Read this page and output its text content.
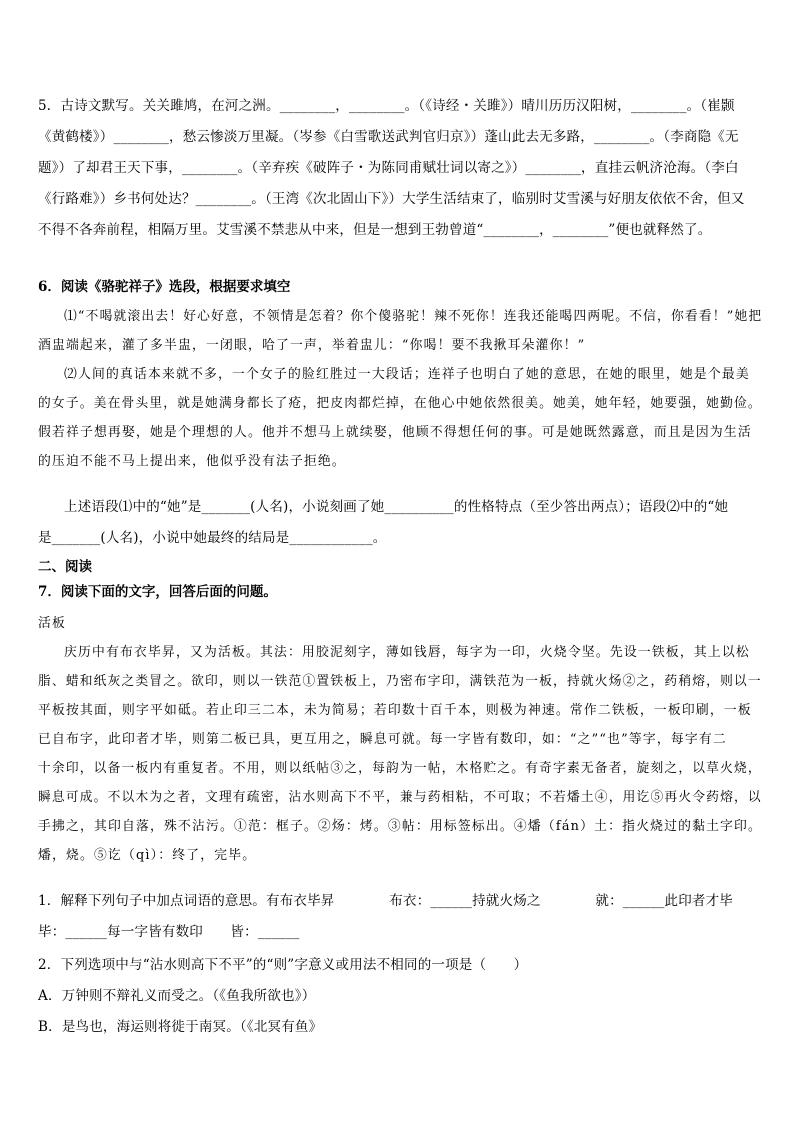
5．古诗文默写。关关雎鸠，在河之洲。________，________。（《诗经・关雎》）晴川历历汉阳树，________。（崔颢
《黄鹤楼》）________，愁云惨淡万里凝。（岑参《白雪歌送武判官归京》）蓬山此去无多路，________。（李商隐《无
题》）了却君王天下事，________。（辛弃疾《破阵子・为陈同甫赋壮词以寄之》）________，直挂云帆济沧海。（李白
《行路难》）乡书何处达？________。（王湾《次北固山下》）大学生活结束了，临别时艾雪溪与好朋友依依不舍，但又
不得不各奔前程，相隔万里。艾雪溪不禁悲从中来，但是一想到王勃曾道“________，________”便也就释然了。
6．阅读《骆驼祥子》选段，根据要求填空
⑴“不喝就滚出去！好心好意，不领情是怎着？你个傻骆驼！辣不死你！连我还能喝四两呢。不信，你看看！”她把
酒盅端起来，灌了多半盅，一闭眼，哈了一声，举着盅儿：“你喝！要不我揪耳朵灌你！”
⑵人间的真话本来就不多，一个女子的脸红胜过一大段话；连祥子也明白了她的意思，在她的眼里，她是个最美
的女子。美在骨头里，就是她满身都长了疮，把皮肉都烂掉，在他心中她依然很美。她美，她年轻，她要强，她勤俭。
假若祥子想再娶，她是个理想的人。他并不想马上就续娶，他顾不得想任何的事。可是她既然露意，而且是因为生活
的压迫不能不马上提出来，他似乎没有法子拒绝。
上述语段⑴中的“她”是_______(人名)，小说刻画了她__________的性格特点（至少答出两点）；语段⑵中的“她
是_______(人名)，小说中她最终的结局是____________。
二、阅读
7．阅读下面的文字，回答后面的问题。
活板
庆历中有布衣毕昇，又为活板。其法：用胶泥刻字，薄如钱唇，每字为一印，火烧令坚。先设一铁板，其上以松
脂、蜡和纸灰之类冒之。欲印，则以一铁范①置铁板上，乃密布字印，满铁范为一板，持就火炀②之，药稍熔，则以一
平板按其面，则字平如砥。若止印三二本，未为简易；若印数十百千本，则极为神速。常作二铁板，一板印刷，一板
已自布字，此印者才毕，则第二板已具，更互用之，瞬息可就。每一字皆有数印，如：“之”“也”等字，每字有二
十余印，以备一板内有重复者。不用，则以纸帖③之，每韵为一帖，木格贮之。有奇字素无备者，旋刻之，以草火烧，
瞬息可成。不以木为之者，文理有疏密，沾水则高下不平，兼与药相粘，不可取；不若燔土④，用讫⑤再火令药熔，以
手拂之，其印自落，殊不沾污。①范：框子。②炀：烤。③帖：用标签标出。④燔（fán）土：指火烧过的黏土字印。
燔，烧。⑤讫（qì）：终了，完毕。
1．解释下列句子中加点词语的意思。有布衣毕昇　　　　布衣：______持就火炀之　　　　就：______此印者才毕
毕：______每一字皆有数印　　皆：______
2．下列选项中与“沾水则高下不平”的“则”字意义或用法不相同的一项是（　　）
A．万钟则不辩礼义而受之。（《鱼我所欲也》）
B．是鸟也，海运则将徙于南冥。（《北冥有鱼》
